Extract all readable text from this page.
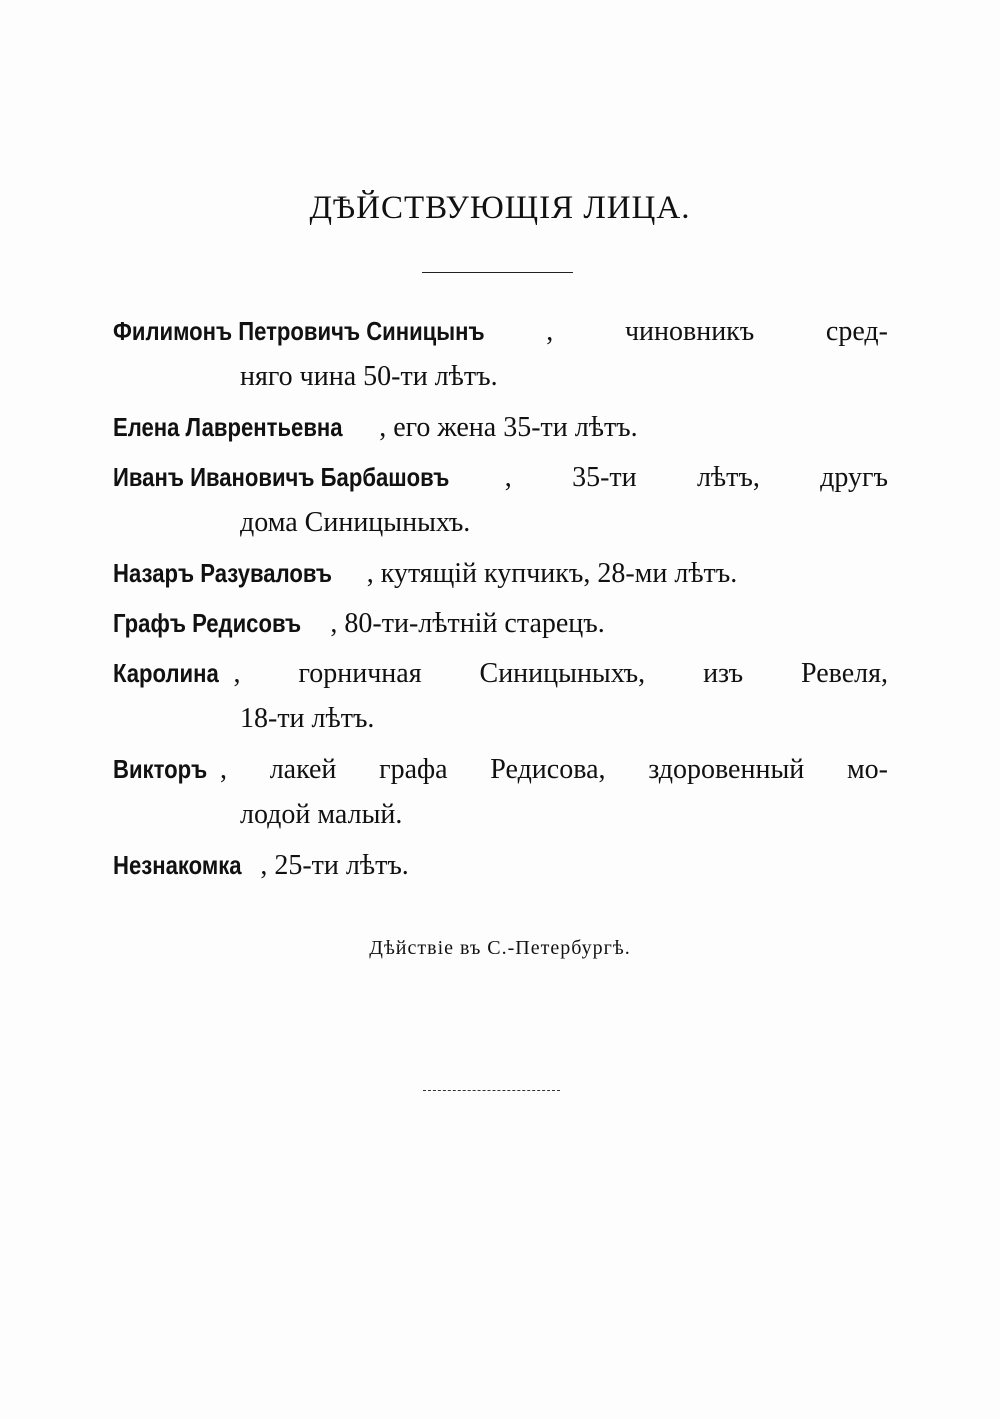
ДѢЙСТВУЮЩІЯ ЛИЦА.
Филимонъ Петровичъ Синицынъ , чиновникъ сред-
няго чина 50-ти лѣтъ.
Елена Лаврентьевна , его жена 35-ти лѣтъ.
Иванъ Ивановичъ Барбашовъ , 35-ти лѣтъ, другъ
дома Синицыныхъ.
Назаръ Разуваловъ , кутящій купчикъ, 28-ми лѣтъ.
Графъ Редисовъ , 80-ти-лѣтній старецъ.
Каролина , горничная Синицыныхъ, изъ Ревеля,
18-ти лѣтъ.
Викторъ , лакей графа Редисова, здоровенный мо-
лодой малый.
Незнакомка , 25-ти лѣтъ.
Дѣйствіе въ С.-Петербургѣ.
